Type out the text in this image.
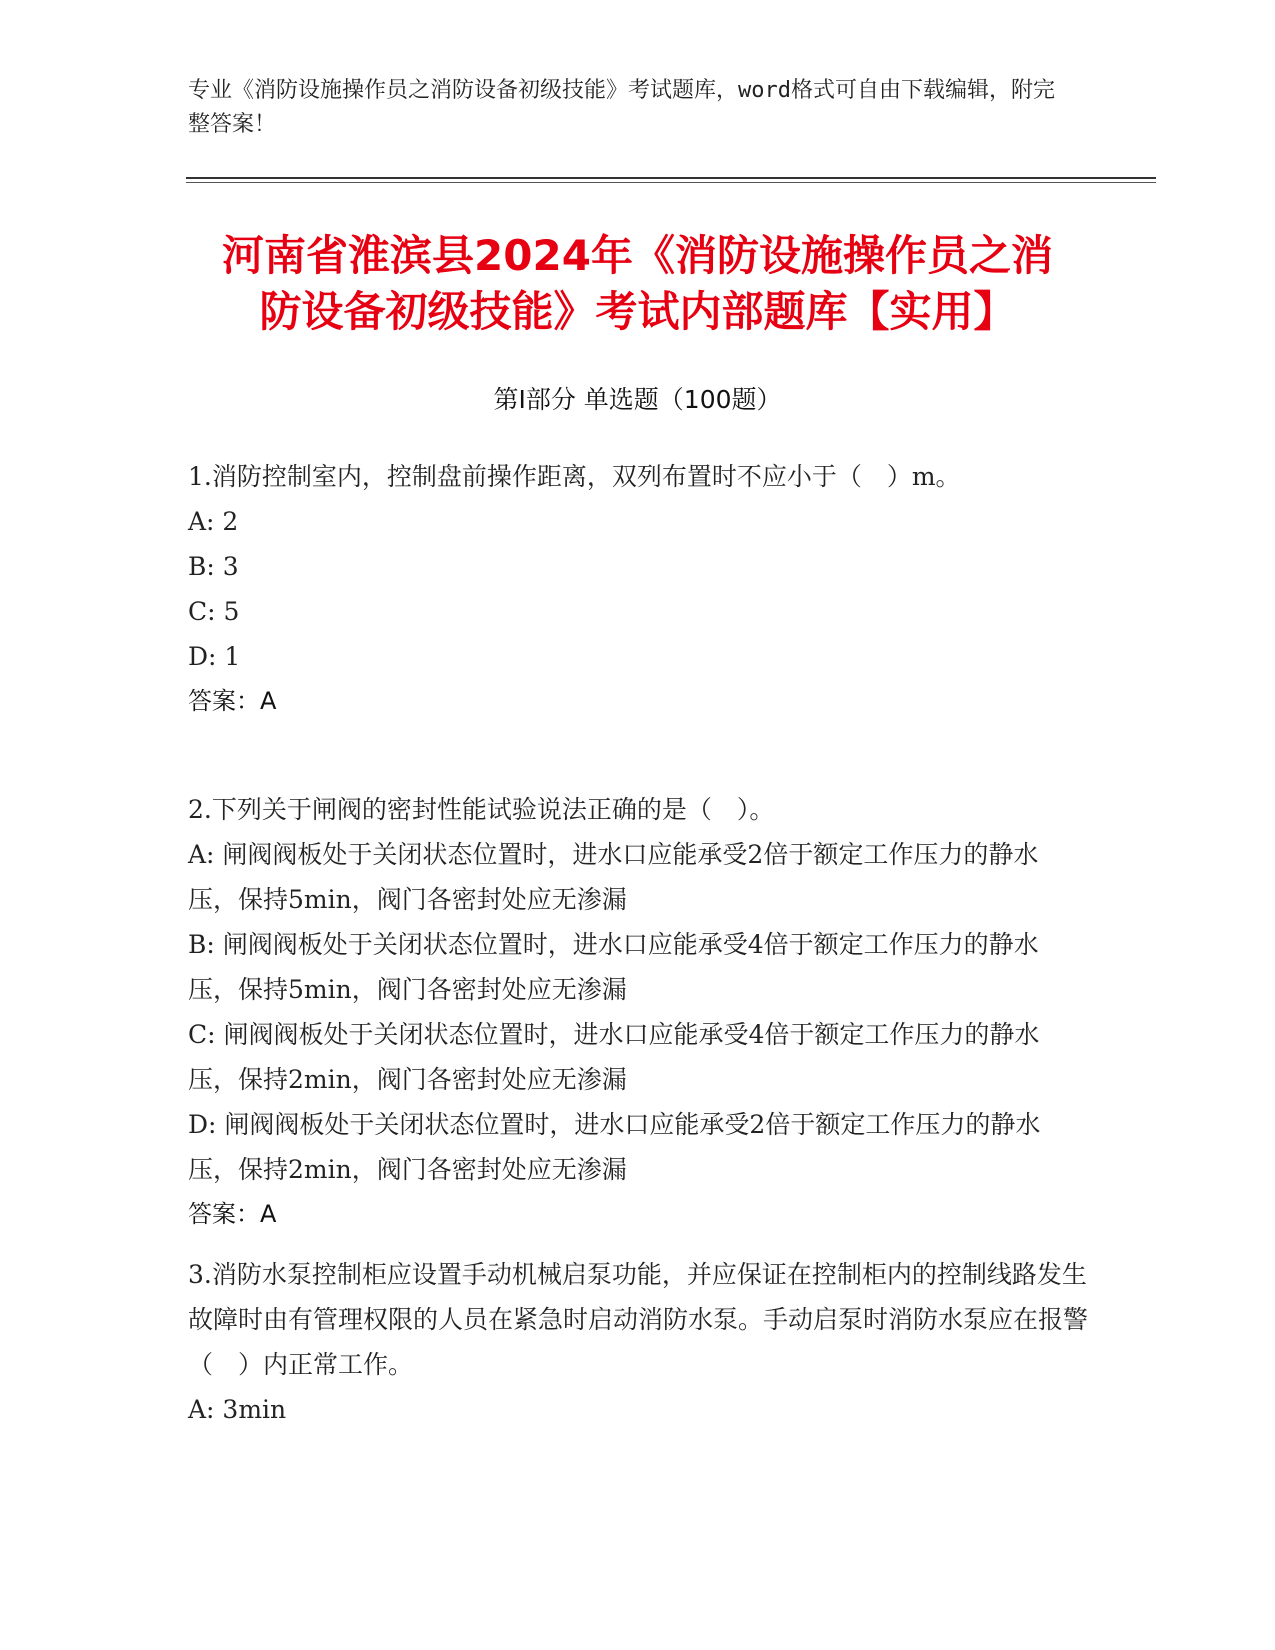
专业《消防设施操作员之消防设备初级技能》考试题库，word格式可自由下载编辑，附完整答案！
河南省淮滨县2024年《消防设施操作员之消
防设备初级技能》考试内部题库【实用】
第Ⅰ部分 单选题（100题）
1.消防控制室内，控制盘前操作距离，双列布置时不应小于（　）m。
A: 2
B: 3
C: 5
D: 1
答案：A
2.下列关于闸阀的密封性能试验说法正确的是（　）。
A: 闸阀阀板处于关闭状态位置时，进水口应能承受2倍于额定工作压力的静水压，保持5min，阀门各密封处应无渗漏
B: 闸阀阀板处于关闭状态位置时，进水口应能承受4倍于额定工作压力的静水压，保持5min，阀门各密封处应无渗漏
C: 闸阀阀板处于关闭状态位置时，进水口应能承受4倍于额定工作压力的静水压，保持2min，阀门各密封处应无渗漏
D: 闸阀阀板处于关闭状态位置时，进水口应能承受2倍于额定工作压力的静水压，保持2min，阀门各密封处应无渗漏
答案：A
3.消防水泵控制柜应设置手动机械启泵功能，并应保证在控制柜内的控制线路发生故障时由有管理权限的人员在紧急时启动消防水泵。手动启泵时消防水泵应在报警（　）内正常工作。
A: 3min
